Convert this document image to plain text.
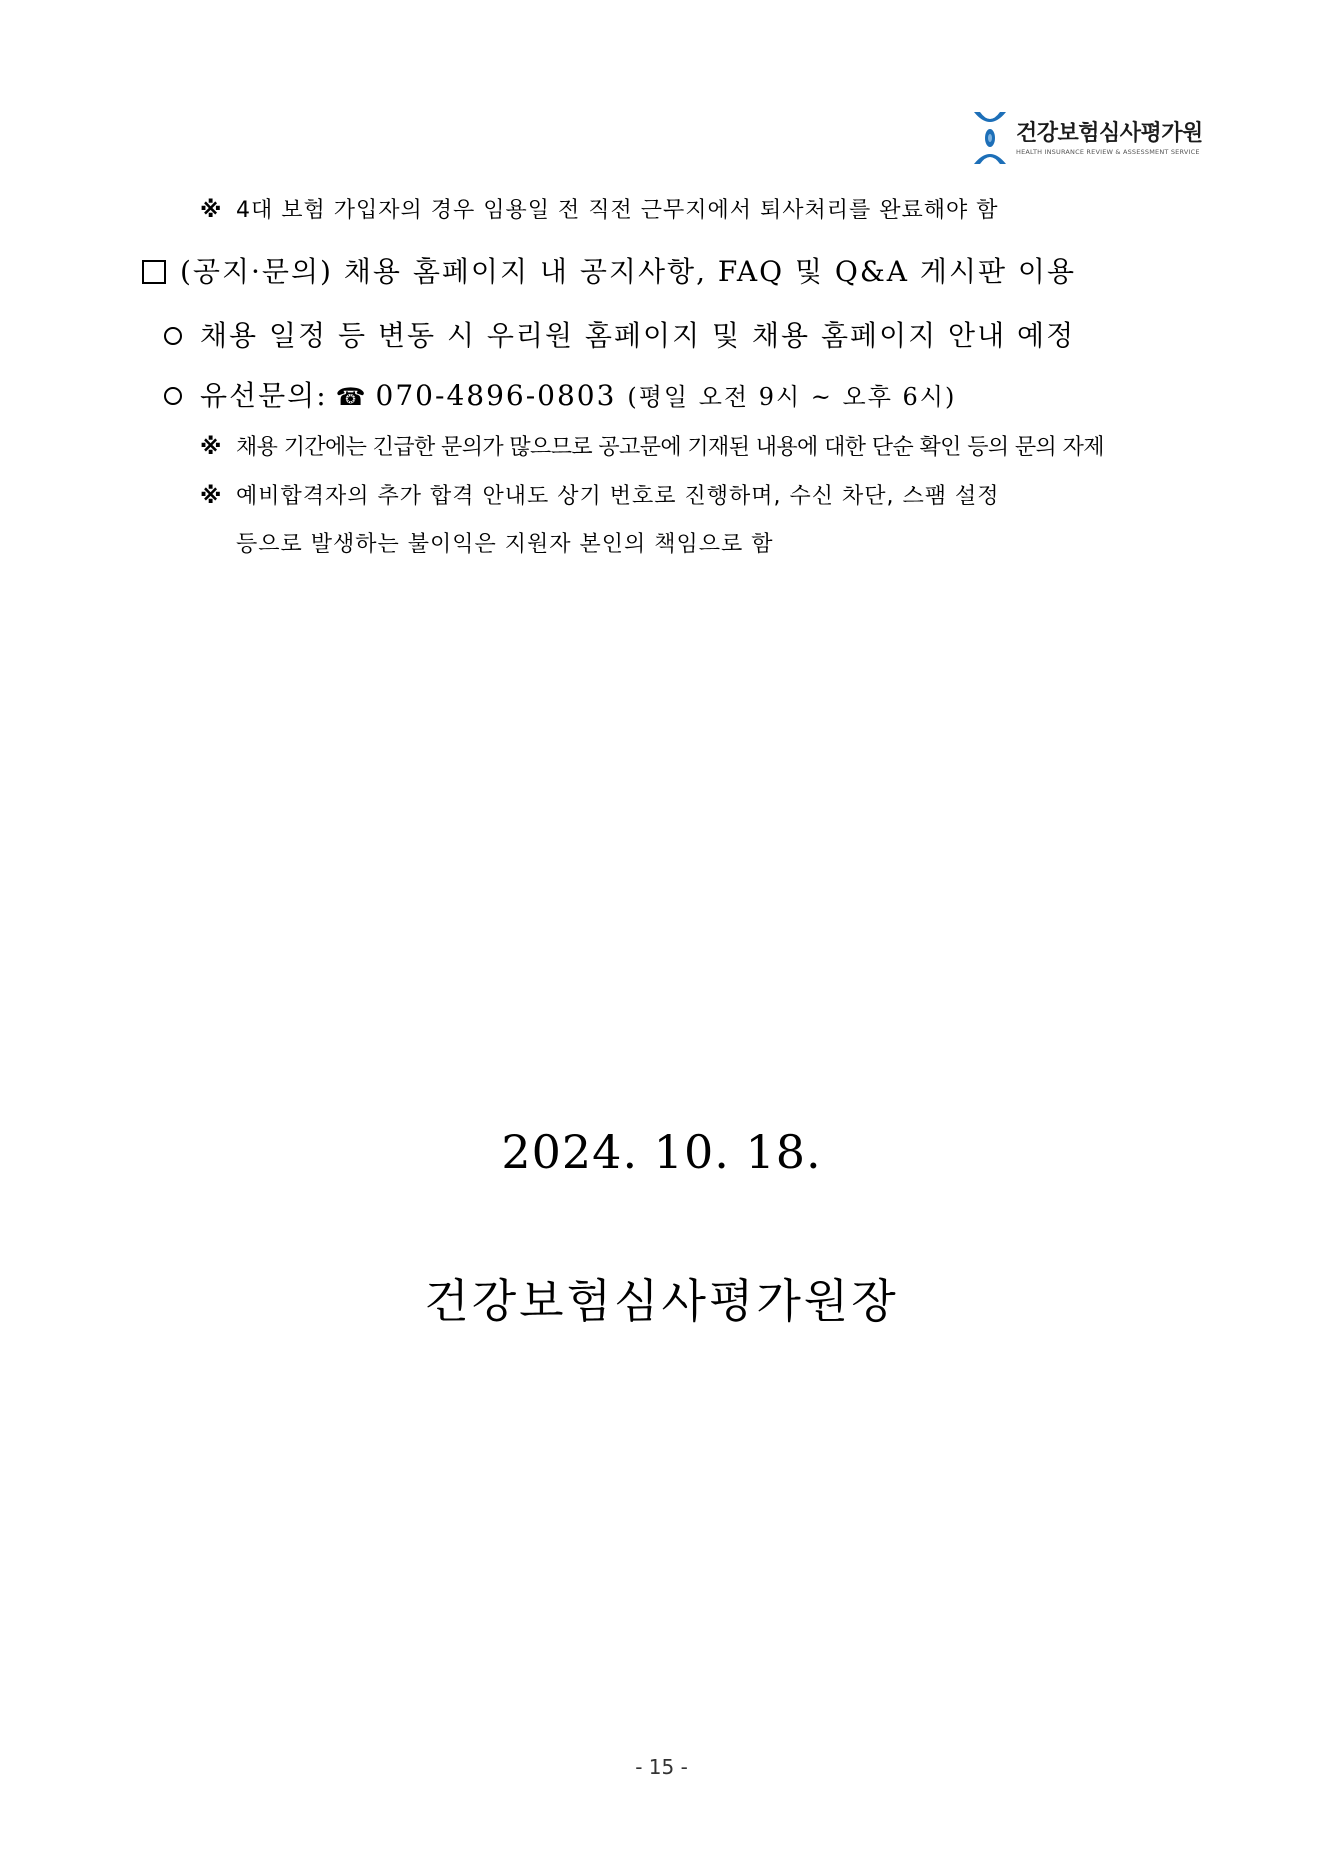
건강보험심사평가원
HEALTH INSURANCE REVIEW & ASSESSMENT SERVICE
※ 4대 보험 가입자의 경우 임용일 전 직전 근무지에서 퇴사처리를 완료해야 함
(공지·문의) 채용 홈페이지 내 공지사항, FAQ 및 Q&A 게시판 이용
채용 일정 등 변동 시 우리원 홈페이지 및 채용 홈페이지 안내 예정
유선문의: ☎ 070-4896-0803 (평일 오전 9시 ~ 오후 6시)
※ 채용 기간에는 긴급한 문의가 많으므로 공고문에 기재된 내용에 대한 단순 확인 등의 문의 자제
※ 예비합격자의 추가 합격 안내도 상기 번호로 진행하며, 수신 차단, 스팸 설정
등으로 발생하는 불이익은 지원자 본인의 책임으로 함
2024. 10. 18.
건강보험심사평가원장
- 15 -
